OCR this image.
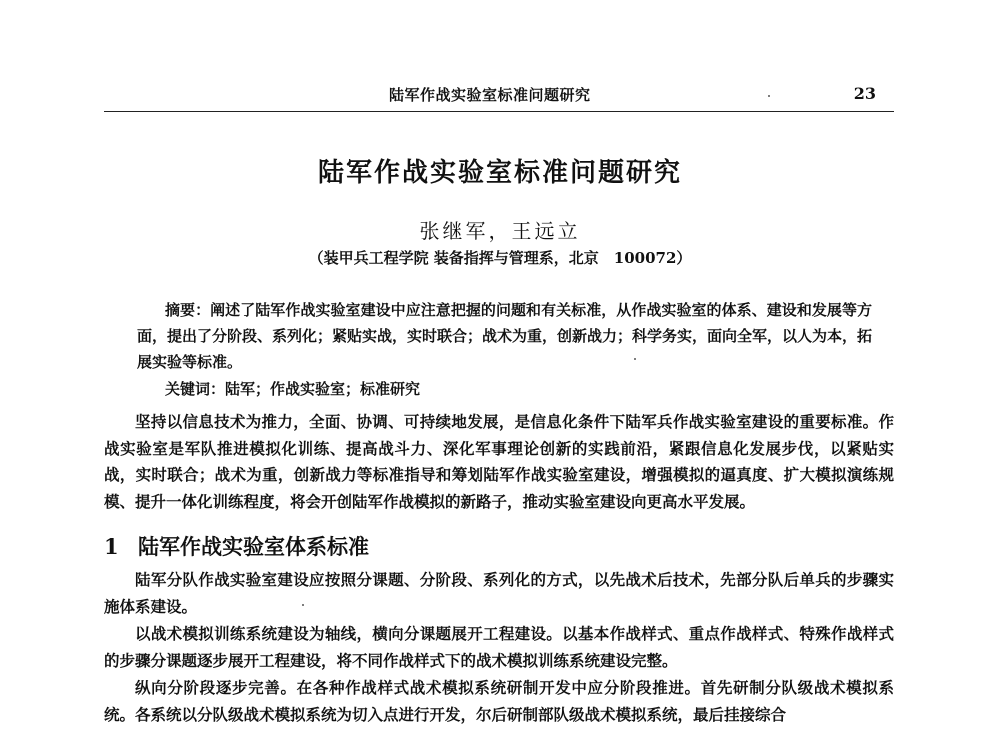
陆军作战实验室标准问题研究	23
陆军作战实验室标准问题研究
张继军，王远立
（装甲兵工程学院 装备指挥与管理系，北京　100072）
摘要：阐述了陆军作战实验室建设中应注意把握的问题和有关标准，从作战实验室的体系、建设和发展等方面，提出了分阶段、系列化；紧贴实战，实时联合；战术为重，创新战力；科学务实，面向全军，以人为本，拓展实验等标准。
关键词：陆军；作战实验室；标准研究
坚持以信息技术为推力，全面、协调、可持续地发展，是信息化条件下陆军兵作战实验室建设的重要标准。作战实验室是军队推进模拟化训练、提高战斗力、深化军事理论创新的实践前沿，紧跟信息化发展步伐，以紧贴实战，实时联合；战术为重，创新战力等标准指导和筹划陆军作战实验室建设，增强模拟的逼真度、扩大模拟演练规模、提升一体化训练程度，将会开创陆军作战模拟的新路子，推动实验室建设向更高水平发展。
1 陆军作战实验室体系标准
陆军分队作战实验室建设应按照分课题、分阶段、系列化的方式，以先战术后技术，先部分队后单兵的步骤实施体系建设。
以战术模拟训练系统建设为轴线，横向分课题展开工程建设。以基本作战样式、重点作战样式、特殊作战样式的步骤分课题逐步展开工程建设，将不同作战样式下的战术模拟训练系统建设完整。
纵向分阶段逐步完善。在各种作战样式战术模拟系统研制开发中应分阶段推进。首先研制分队级战术模拟系统。各系统以分队级战术模拟系统为切入点进行开发，尔后研制部队级战术模拟系统，最后挂接综合
